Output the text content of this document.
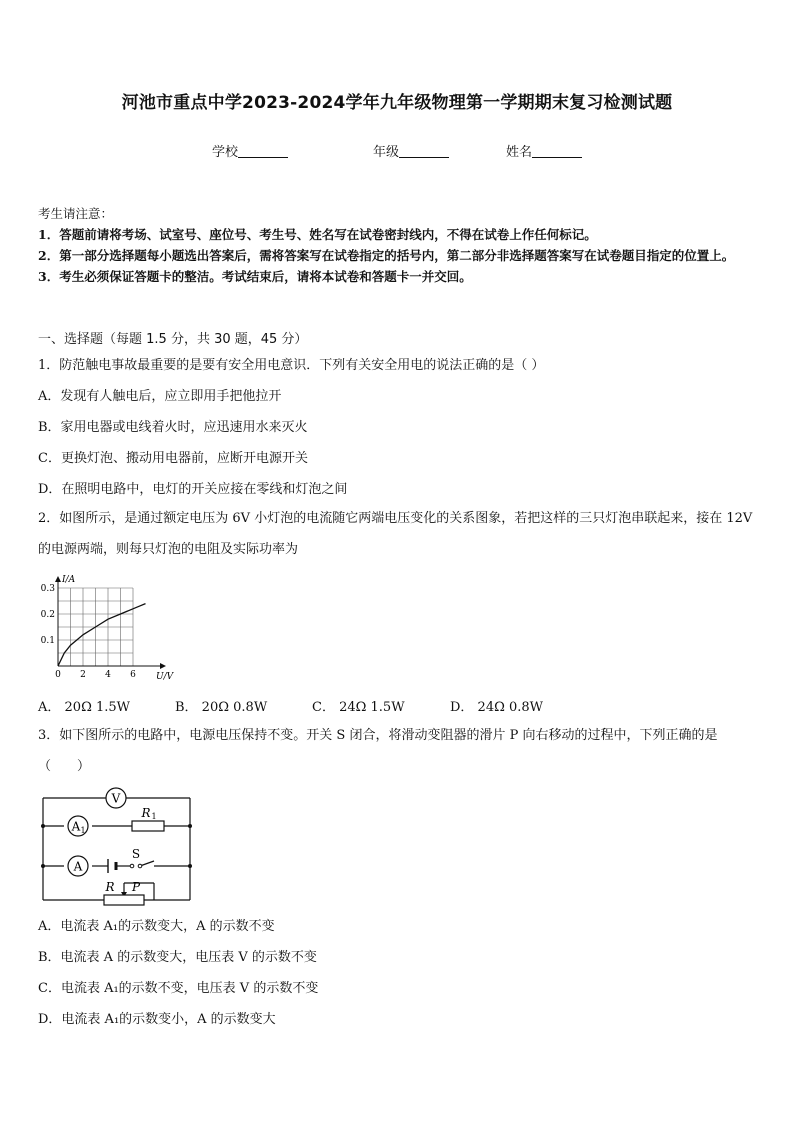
河池市重点中学2023-2024学年九年级物理第一学期期末复习检测试题
学校	年级	姓名
考生请注意：
1．答题前请将考场、试室号、座位号、考生号、姓名写在试卷密封线内，不得在试卷上作任何标记。
2．第一部分选择题每小题选出答案后，需将答案写在试卷指定的括号内，第二部分非选择题答案写在试卷题目指定的位置上。
3．考生必须保证答题卡的整洁。考试结束后，请将本试卷和答题卡一并交回。
一、选择题（每题 1.5 分，共 30 题，45 分）
1．防范触电事故最重要的是要有安全用电意识．下列有关安全用电的说法正确的是（ ）
A．发现有人触电后，应立即用手把他拉开
B．家用电器或电线着火时，应迅速用水来灭火
C．更换灯泡、搬动用电器前，应断开电源开关
D．在照明电路中，电灯的开关应接在零线和灯泡之间
2．如图所示，是通过额定电压为 6V 小灯泡的电流随它两端电压变化的关系图象，若把这样的三只灯泡串联起来，接在 12V 的电源两端，则每只灯泡的电阻及实际功率为
0 2 4 6
0.1
0.2
0.3
I/A
U/V
A． 20Ω 1.5W	B． 20Ω 0.8W	C． 24Ω 1.5W	D． 24Ω 0.8W
3．如下图所示的电路中，电源电压保持不变。开关 S 闭合，将滑动变阻器的滑片 P 向右移动的过程中，下列正确的是（　　）
V
A 1
R 1
A
S
R P
A．电流表 A₁的示数变大，A 的示数不变
B．电流表 A 的示数变大，电压表 V 的示数不变
C．电流表 A₁的示数不变，电压表 V 的示数不变
D．电流表 A₁的示数变小，A 的示数变大
